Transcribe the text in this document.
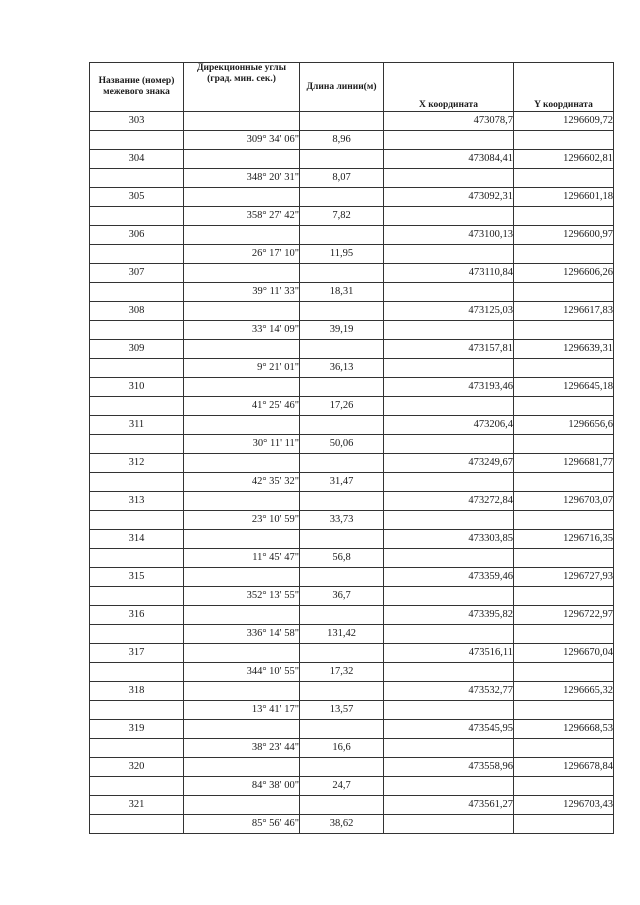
Название (номер) межевого знака	Дирекционные углы (град. мин. сек.)	Длина линии(м)	X координата	Y координата
303			473078,7	1296609,72
	309° 34' 06"	8,96		
304			473084,41	1296602,81
	348° 20' 31"	8,07		
305			473092,31	1296601,18
	358° 27' 42"	7,82		
306			473100,13	1296600,97
	26° 17' 10"	11,95		
307			473110,84	1296606,26
	39° 11' 33"	18,31		
308			473125,03	1296617,83
	33° 14' 09"	39,19		
309			473157,81	1296639,31
	9° 21' 01"	36,13		
310			473193,46	1296645,18
	41° 25' 46"	17,26		
311			473206,4	1296656,6
	30° 11' 11"	50,06		
312			473249,67	1296681,77
	42° 35' 32"	31,47		
313			473272,84	1296703,07
	23° 10' 59"	33,73		
314			473303,85	1296716,35
	11° 45' 47"	56,8		
315			473359,46	1296727,93
	352° 13' 55"	36,7		
316			473395,82	1296722,97
	336° 14' 58"	131,42		
317			473516,11	1296670,04
	344° 10' 55"	17,32		
318			473532,77	1296665,32
	13° 41' 17"	13,57		
319			473545,95	1296668,53
	38° 23' 44"	16,6		
320			473558,96	1296678,84
	84° 38' 00"	24,7		
321			473561,27	1296703,43
	85° 56' 46"	38,62		
